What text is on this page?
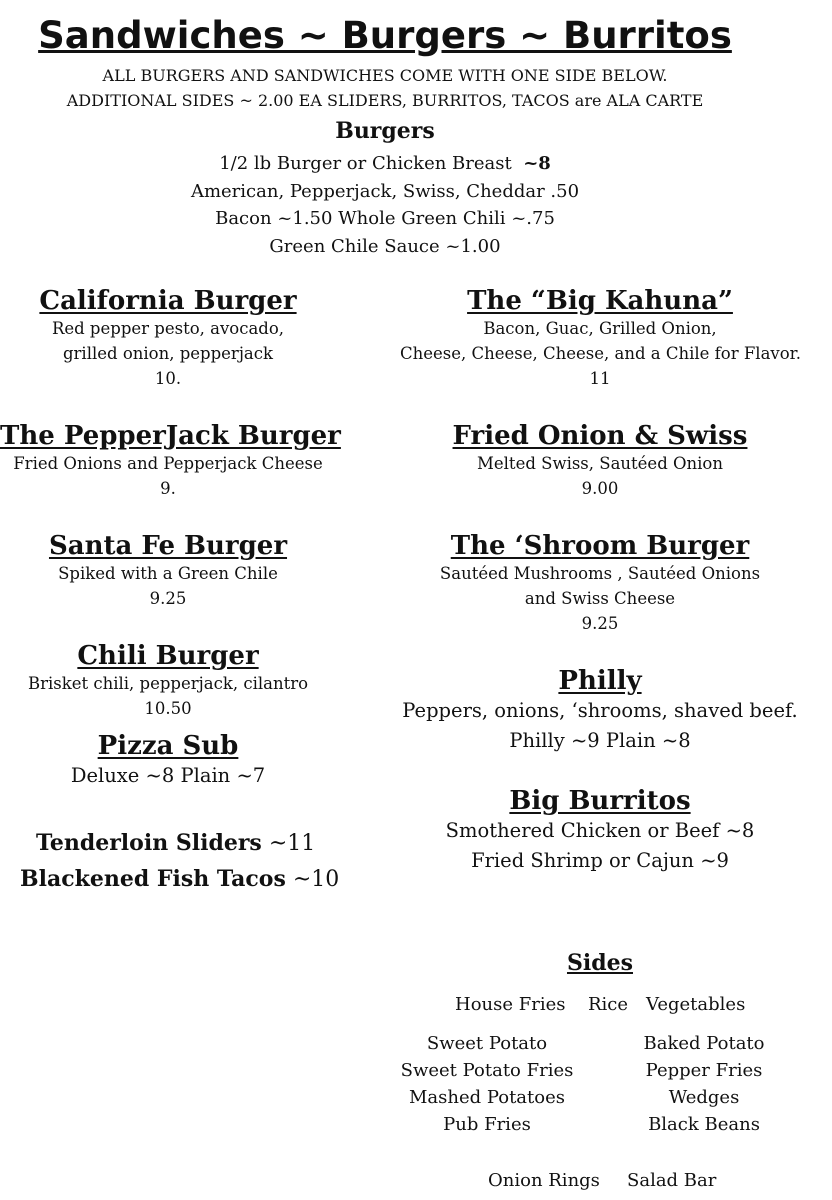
Sandwiches ~ Burgers ~ Burritos
ALL BURGERS AND SANDWICHES COME WITH ONE SIDE BELOW.
ADDITIONAL SIDES ~ 2.00 EA SLIDERS, BURRITOS, TACOS are ALA CARTE
Burgers
1/2 lb Burger or Chicken Breast ~8
American, Pepperjack, Swiss, Cheddar .50
Bacon ~1.50 Whole Green Chili ~.75
Green Chile Sauce ~1.00
California Burger
Red pepper pesto, avocado,
grilled onion, pepperjack
10.
The PepperJack Burger
Fried Onions and Pepperjack Cheese
9.
Santa Fe Burger
Spiked with a Green Chile
9.25
Chili Burger
Brisket chili, pepperjack, cilantro
10.50
Pizza Sub
Deluxe ~8 Plain ~7
Tenderloin Sliders ~11
Blackened Fish Tacos ~10
The “Big Kahuna”
Bacon, Guac, Grilled Onion,
Cheese, Cheese, Cheese, and a Chile for Flavor.
11
Fried Onion & Swiss
Melted Swiss, Sautéed Onion
9.00
The ‘Shroom Burger
Sautéed Mushrooms , Sautéed Onions
and Swiss Cheese
9.25
Philly
Peppers, onions, ‘shrooms, shaved beef.
Philly ~9 Plain ~8
Big Burritos
Smothered Chicken or Beef ~8
Fried Shrimp or Cajun ~9
Sides
House Fries Rice Vegetables
Sweet Potato
Sweet Potato Fries
Mashed Potatoes
Pub Fries
Baked Potato
Pepper Fries
Wedges
Black Beans
Onion Rings Salad Bar
